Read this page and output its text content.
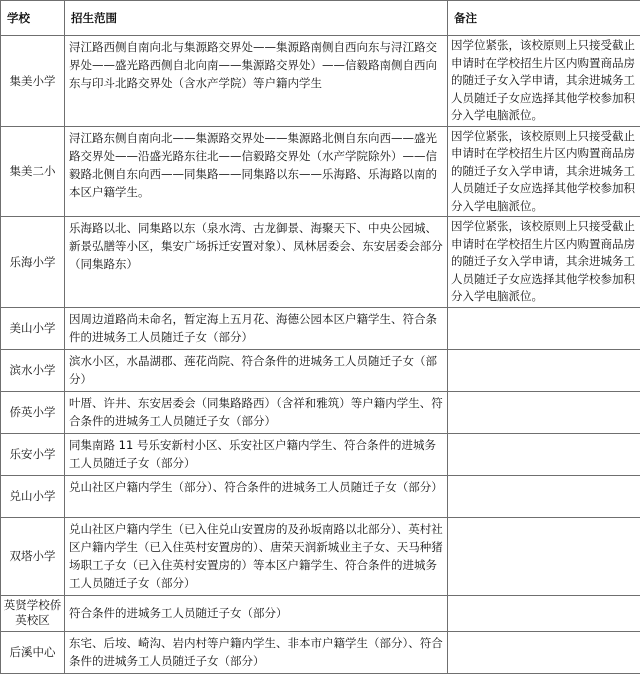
学校	招生范围	备注
集美小学	浔江路西侧自南向北与集源路交界处——集源路南侧自西向东与浔江路交界处——盛光路西侧自北向南——集源路交界处）——信毅路南侧自西向东与印斗北路交界处（含水产学院）等户籍内学生	因学位紧张，该校原则上只接受截止申请时在学校招生片区内购置商品房的随迁子女入学申请，其余进城务工人员随迁子女应选择其他学校参加积分入学电脑派位。
集美二小	浔江路东侧自南向北——集源路交界处——集源路北侧自东向西——盛光路交界处——沿盛光路东往北——信毅路交界处（水产学院除外）——信毅路北侧自东向西——同集路——同集路以东——乐海路、乐海路以南的本区户籍学生。	因学位紧张，该校原则上只接受截止申请时在学校招生片区内购置商品房的随迁子女入学申请，其余进城务工人员随迁子女应选择其他学校参加积分入学电脑派位。
乐海小学	乐海路以北、同集路以东（泉水湾、古龙御景、海聚天下、中央公园城、新景弘膳等小区，集安广场拆迁安置对象）、凤林居委会、东安居委会部分（同集路东）	因学位紧张，该校原则上只接受截止申请时在学校招生片区内购置商品房的随迁子女入学申请，其余进城务工人员随迁子女应选择其他学校参加积分入学电脑派位。
美山小学	因周边道路尚未命名，暂定海上五月花、海德公园本区户籍学生、符合条件的进城务工人员随迁子女（部分）	
滨水小学	滨水小区，水晶湖郡、莲花尚院、符合条件的进城务工人员随迁子女（部分）	
侨英小学	叶厝、许井、东安居委会（同集路路西）（含祥和雅筑）等户籍内学生、符合条件的进城务工人员随迁子女（部分）	
乐安小学	同集南路 11 号乐安新村小区、乐安社区户籍内学生、符合条件的进城务工人员随迁子女（部分）	
兑山小学	兑山社区户籍内学生（部分）、符合条件的进城务工人员随迁子女（部分）	
双塔小学	兑山社区户籍内学生（已入住兑山安置房的及孙坂南路以北部分）、英村社区户籍内学生（已入住英村安置房的）、唐荣天润新城业主子女、天马种猪场职工子女（已入住英村安置房的）等本区户籍学生、符合条件的进城务工人员随迁子女（部分）	
英贤学校侨英校区	符合条件的进城务工人员随迁子女（部分）	
后溪中心	东宅、后垵、崎沟、岩内村等户籍内学生、非本市户籍学生（部分）、符合条件的进城务工人员随迁子女（部分）	
